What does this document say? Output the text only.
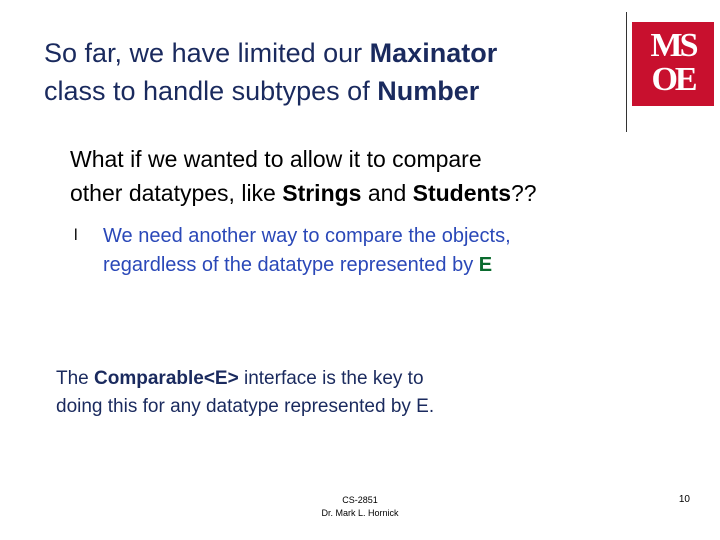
So far, we have limited our Maxinator
class to handle subtypes of Number
MS
OE
What if we wanted to allow it to compare
other datatypes, like Strings and Students??
l	We need another way to compare the objects,
regardless of the datatype represented by E
The Comparable<E> interface is the key to
doing this for any datatype represented by E.
CS-2851
Dr. Mark L. Hornick
10
